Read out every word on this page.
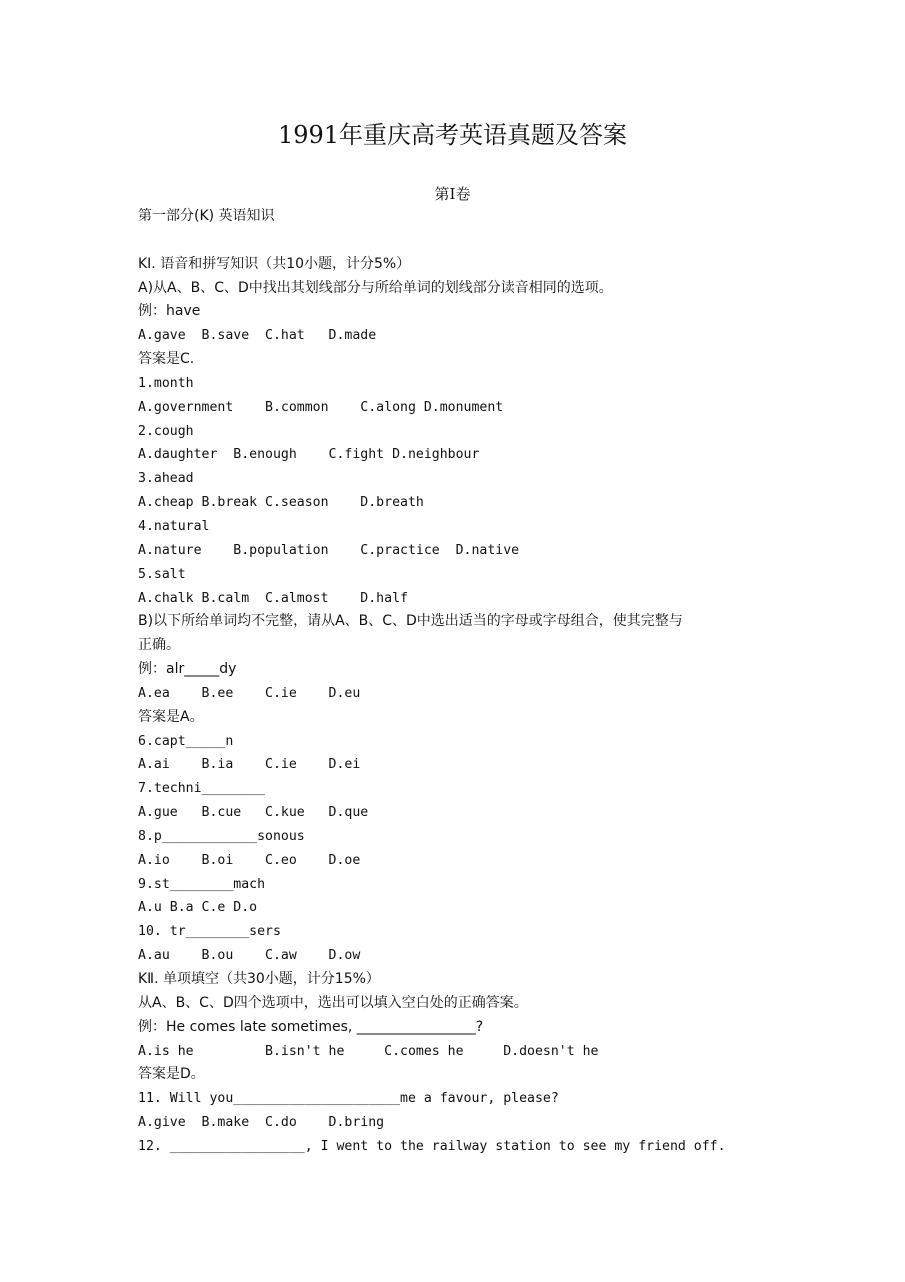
1991年重庆高考英语真题及答案
第Ⅰ卷
第一部分(K) 英语知识
KⅠ. 语音和拼写知识（共10小题，计分5%）
A)从A、B、C、D中找出其划线部分与所给单词的划线部分读音相同的选项。
例：have
A.gave  B.save  C.hat   D.made
答案是C.
1.month
A.government    B.common    C.along D.monument
2.cough
A.daughter  B.enough    C.fight D.neighbour
3.ahead
A.cheap B.break C.season    D.breath
4.natural
A.nature    B.population    C.practice  D.native
5.salt
A.chalk B.calm  C.almost    D.half
B)以下所给单词均不完整，请从A、B、C、D中选出适当的字母或字母组合，使其完整与
正确。
例：alr_____dy
A.ea    B.ee    C.ie    D.eu
答案是A。
6.capt_____n
A.ai    B.ia    C.ie    D.ei
7.techni________
A.gue   B.cue   C.kue   D.que
8.p____________sonous
A.io    B.oi    C.eo    D.oe
9.st________mach
A.u B.a C.e D.o
10. tr________sers
A.au    B.ou    C.aw    D.ow
KⅡ. 单项填空（共30小题，计分15%）
从A、B、C、D四个选项中，选出可以填入空白处的正确答案。
例：He comes late sometimes, _________________?
A.is he         B.isn't he     C.comes he     D.doesn't he
答案是D。
11. Will you_____________________me a favour, please?
A.give  B.make  C.do    D.bring
12. _________________, I went to the railway station to see my friend off.
